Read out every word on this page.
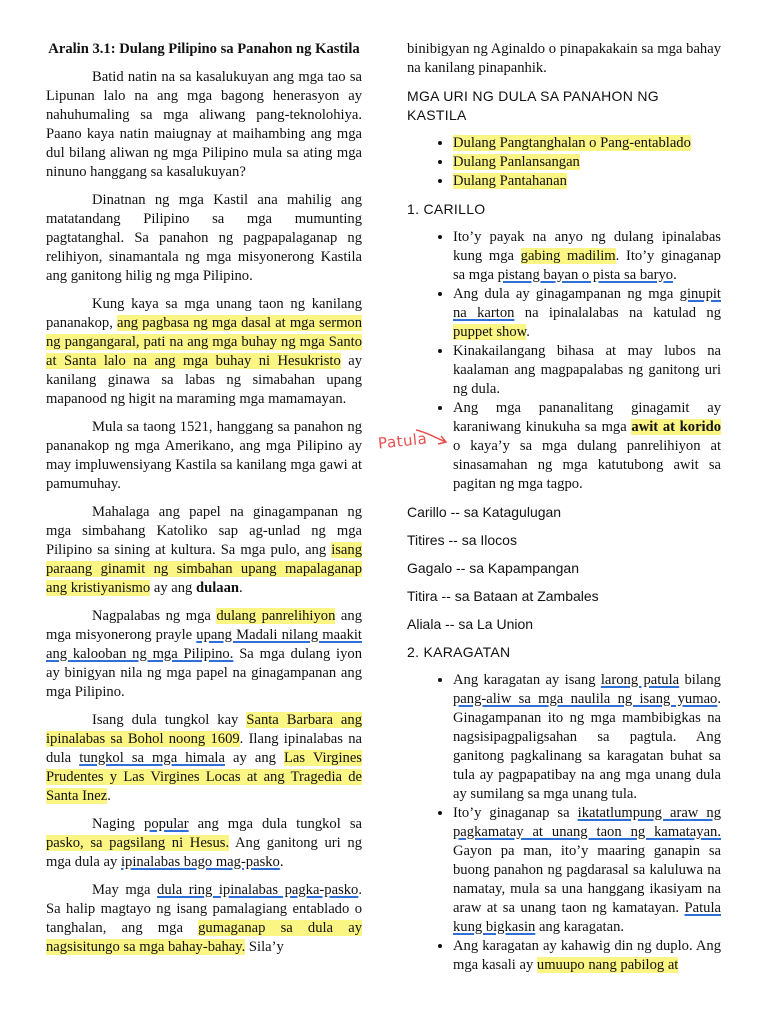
Aralin 3.1: Dulang Pilipino sa Panahon ng Kastila

Batid natin na sa kasalukuyan ang mga tao sa Lipunan lalo na ang mga bagong henerasyon ay nahuhumaling sa mga aliwang pang-teknolohiya. Paano kaya natin maiugnay at maihambing ang mga dul bilang aliwan ng mga Pilipino mula sa ating mga ninuno hanggang sa kasalukuyan?

Dinatnan ng mga Kastil ana mahilig ang matatandang Pilipino sa mga mumunting pagtatanghal. Sa panahon ng pagpapalaganap ng relihiyon, sinamantala ng mga misyonerong Kastila ang ganitong hilig ng mga Pilipino.

Kung kaya sa mga unang taon ng kanilang pananakop, ang pagbasa ng mga dasal at mga sermon ng pangangaral, pati na ang mga buhay ng mga Santo at Santa lalo na ang mga buhay ni Hesukristo ay kanilang ginawa sa labas ng simabahan upang mapanood ng higit na maraming mga mamamayan.

Mula sa taong 1521, hanggang sa panahon ng pananakop ng mga Amerikano, ang mga Pilipino ay may impluwensiyang Kastila sa kanilang mga gawi at pamumuhay.

Mahalaga ang papel na ginagampanan ng mga simbahang Katoliko sap ag-unlad ng mga Pilipino sa sining at kultura. Sa mga pulo, ang isang paraang ginamit ng simbahan upang mapalaganap ang kristiyanismo ay ang dulaan.

Nagpalabas ng mga dulang panrelihiyon ang mga misyonerong prayle upang Madali nilang maakit ang kalooban ng mga Pilipino. Sa mga dulang iyon ay binigyan nila ng mga papel na ginagampanan ang mga Pilipino.

Isang dula tungkol kay Santa Barbara ang ipinalabas sa Bohol noong 1609. Ilang ipinalabas na dula tungkol sa mga himala ay ang Las Virgines Prudentes y Las Virgines Locas at ang Tragedia de Santa Inez.

Naging popular ang mga dula tungkol sa pasko, sa pagsilang ni Hesus. Ang ganitong uri ng mga dula ay ipinalabas bago mag-pasko.

May mga dula ring ipinalabas pagka-pasko. Sa halip magtayo ng isang pamalagiang entablado o tanghalan, ang mga gumaganap sa dula ay nagsisitungo sa mga bahay-bahay. Sila’y

binibigyan ng Aginaldo o pinapakakain sa mga bahay na kanilang pinapanhik.

MGA URI NG DULA SA PANAHON NG KASTILA
• Dulang Pangtanghalan o Pang-entablado
• Dulang Panlansangan
• Dulang Pantahanan
1. CARILLO
• Ito’y payak na anyo ng dulang ipinalabas kung mga gabing madilim. Ito’y ginaganap sa mga pistang bayan o pista sa baryo.
• Ang dula ay ginagampanan ng mga ginupit na karton na ipinalalabas na katulad ng puppet show.
• Kinakailangang bihasa at may lubos na kaalaman ang magpapalabas ng ganitong uri ng dula.
• Ang mga pananalitang ginagamit ay karaniwang kinukuha sa mga awit at korido o kaya’y sa mga dulang panrelihiyon at sinasamahan ng mga katutubong awit sa pagitan ng mga tagpo.
Carillo -- sa Katagulugan
Titires -- sa Ilocos
Gagalo -- sa Kapampangan
Titira -- sa Bataan at Zambales
Aliala -- sa La Union
2. KARAGATAN
• Ang karagatan ay isang larong patula bilang pang-aliw sa mga naulila ng isang yumao. Ginagampanan ito ng mga mambibigkas na nagsisipagpaligsahan sa pagtula. Ang ganitong pagkalinang sa karagatan buhat sa tula ay pagpapatibay na ang mga unang dula ay sumilang sa mga unang tula.
• Ito’y ginaganap sa ikatatlumpung araw ng pagkamatay at unang taon ng kamatayan. Gayon pa man, ito’y maaring ganapin sa buong panahon ng pagdarasal sa kaluluwa na namatay, mula sa una hanggang ikasiyam na araw at sa unang taon ng kamatayan. Patula kung bigkasin ang karagatan.
• Ang karagatan ay kahawig din ng duplo. Ang mga kasali ay umuupo nang pabilog at
Patula
